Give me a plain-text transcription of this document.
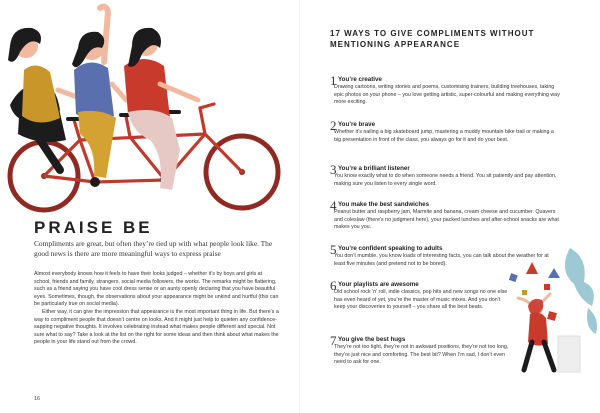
PRAISE BE
Compliments are great, but often they’re tied up with what people look like. The good news is there are more meaningful ways to express praise

Almost everybody knows how it feels to have their looks judged – whether it’s by boys and girls at school, friends and family, strangers, social media followers, the works. The remarks might be flattering, such as a friend saying you have cool dress sense or an aunty openly declaring that you have beautiful eyes. Sometimes, though, the observations about your appearance might be unkind and hurtful (this can be particularly true on social media).

Either way, it can give the impression that appearance is the most important thing in life. But there’s a way to compliment people that doesn’t centre on looks. And it might just help to quieten any confidence-sapping negative thoughts. It involves celebrating instead what makes people different and special. Not sure what to say? Take a look at the list on the right for some ideas and then think about what makes the people in your life stand out from the crowd.

16
17 WAYS TO GIVE COMPLIMENTS WITHOUT MENTIONING APPEARANCE
1 You’re creative
Drawing cartoons, writing stories and poems, customising trainers, building treehouses, taking epic photos on your phone – you love getting artistic, super-colourful and making everything way more exciting.
2 You’re brave
Whether it’s nailing a big skateboard jump, mastering a muddy mountain bike trail or making a big presentation in front of the class, you always go for it and do your best.
3 You’re a brilliant listener
You know exactly what to do when someone needs a friend. You sit patiently and pay attention, making sure you listen to every single word.
4 You make the best sandwiches
Peanut butter and raspberry jam, Marmite and banana, cream cheese and cucumber. Quavers and coleslaw (there’s no judgment here), your packed lunches and after-school snacks are what makes you you.
5 You’re confident speaking to adults
You don’t mumble, you know loads of interesting facts, you can talk about the weather for at least five minutes (and pretend not to be bored).
6 Your playlists are awesome
Old school rock ’n’ roll, indie classics, pop hits and new songs no one else has even heard of yet, you’re the master of music mixes. And you don’t keep your discoveries to yourself – you share all the best beats.
7 You give the best hugs
They’re not too tight, they’re not in awkward positions, they’re not too long, they’re just nice and comforting. The best bit? When I’m sad, I don’t even need to ask for one.
